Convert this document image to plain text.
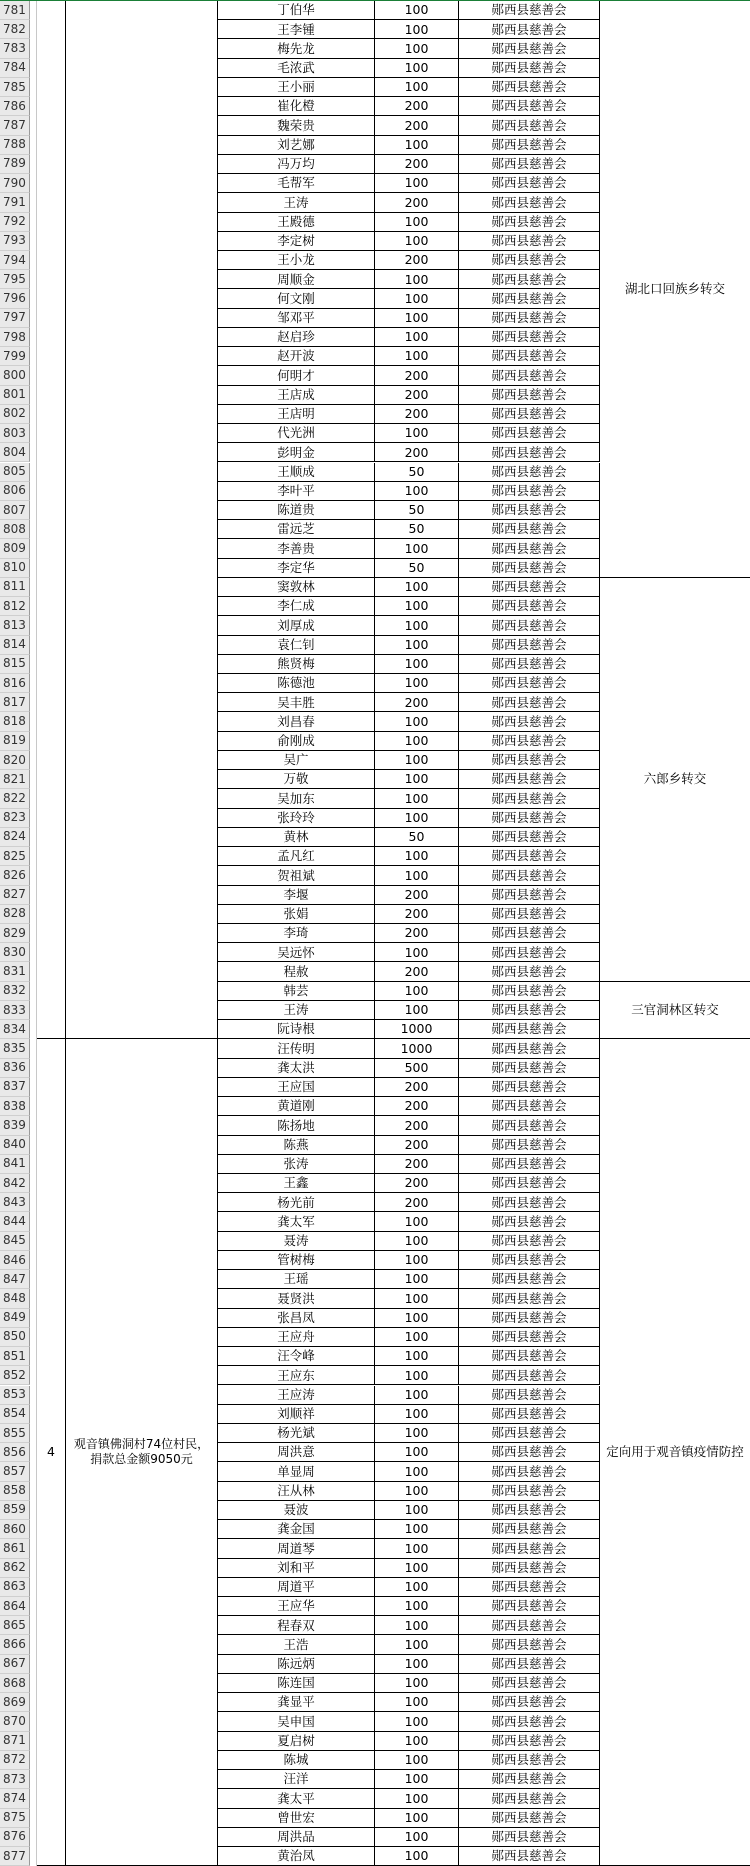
781	丁伯华	100	郧西县慈善会
782	王李锺	100	郧西县慈善会
783	梅先龙	100	郧西县慈善会
784	毛浓武	100	郧西县慈善会
785	王小丽	100	郧西县慈善会
786	崔化橙	200	郧西县慈善会
787	魏荣贵	200	郧西县慈善会
788	刘艺娜	100	郧西县慈善会
789	冯万均	200	郧西县慈善会
790	毛帮军	100	郧西县慈善会
791	王涛	200	郧西县慈善会
792	王殿德	100	郧西县慈善会
793	李定树	100	郧西县慈善会
794	王小龙	200	郧西县慈善会
795	周顺金	100	郧西县慈善会
796	何文刚	100	郧西县慈善会
797	邹邓平	100	郧西县慈善会
798	赵启珍	100	郧西县慈善会
799	赵开波	100	郧西县慈善会
800	何明才	200	郧西县慈善会
801	王店成	200	郧西县慈善会
802	王店明	200	郧西县慈善会
803	代光洲	100	郧西县慈善会
804	彭明金	200	郧西县慈善会
805	王顺成	50	郧西县慈善会
806	李叶平	100	郧西县慈善会
807	陈道贵	50	郧西县慈善会
808	雷远芝	50	郧西县慈善会
809	李善贵	100	郧西县慈善会
810	李定华	50	郧西县慈善会
811	窦敦林	100	郧西县慈善会
812	李仁成	100	郧西县慈善会
813	刘厚成	100	郧西县慈善会
814	袁仁钊	100	郧西县慈善会
815	熊贤梅	100	郧西县慈善会
816	陈德池	100	郧西县慈善会
817	吴丰胜	200	郧西县慈善会
818	刘昌春	100	郧西县慈善会
819	俞刚成	100	郧西县慈善会
820	吴广	100	郧西县慈善会
821	万敬	100	郧西县慈善会
822	吴加东	100	郧西县慈善会
823	张玲玲	100	郧西县慈善会
824	黄林	50	郧西县慈善会
825	孟凡红	100	郧西县慈善会
826	贺祖斌	100	郧西县慈善会
827	李堰	200	郧西县慈善会
828	张娟	200	郧西县慈善会
829	李琦	200	郧西县慈善会
830	吴远怀	100	郧西县慈善会
831	程赦	200	郧西县慈善会
832	韩芸	100	郧西县慈善会
833	王涛	100	郧西县慈善会
834	阮诗根	1000	郧西县慈善会
湖北口回族乡转交
六郎乡转交
三官洞林区转交
4
观音镇佛洞村74位村民，捐款总金额9050元
835	汪传明	1000	郧西县慈善会
836	龚太洪	500	郧西县慈善会
837	王应国	200	郧西县慈善会
838	黄道刚	200	郧西县慈善会
839	陈扬地	200	郧西县慈善会
840	陈燕	200	郧西县慈善会
841	张涛	200	郧西县慈善会
842	王鑫	200	郧西县慈善会
843	杨光前	200	郧西县慈善会
844	龚太军	100	郧西县慈善会
845	聂涛	100	郧西县慈善会
846	管树梅	100	郧西县慈善会
847	王瑶	100	郧西县慈善会
848	聂贤洪	100	郧西县慈善会
849	张昌凤	100	郧西县慈善会
850	王应舟	100	郧西县慈善会
851	汪令峰	100	郧西县慈善会
852	王应东	100	郧西县慈善会
853	王应涛	100	郧西县慈善会
854	刘顺祥	100	郧西县慈善会
855	杨光斌	100	郧西县慈善会
856	周洪意	100	郧西县慈善会
857	单显周	100	郧西县慈善会
858	汪从林	100	郧西县慈善会
859	聂波	100	郧西县慈善会
860	龚金国	100	郧西县慈善会
861	周道琴	100	郧西县慈善会
862	刘和平	100	郧西县慈善会
863	周道平	100	郧西县慈善会
864	王应华	100	郧西县慈善会
865	程春双	100	郧西县慈善会
866	王浩	100	郧西县慈善会
867	陈远炳	100	郧西县慈善会
868	陈连国	100	郧西县慈善会
869	龚显平	100	郧西县慈善会
870	吴申国	100	郧西县慈善会
871	夏启树	100	郧西县慈善会
872	陈城	100	郧西县慈善会
873	汪洋	100	郧西县慈善会
874	龚太平	100	郧西县慈善会
875	曾世宏	100	郧西县慈善会
876	周洪品	100	郧西县慈善会
877	黄治凤	100	郧西县慈善会
定向用于观音镇疫情防控
